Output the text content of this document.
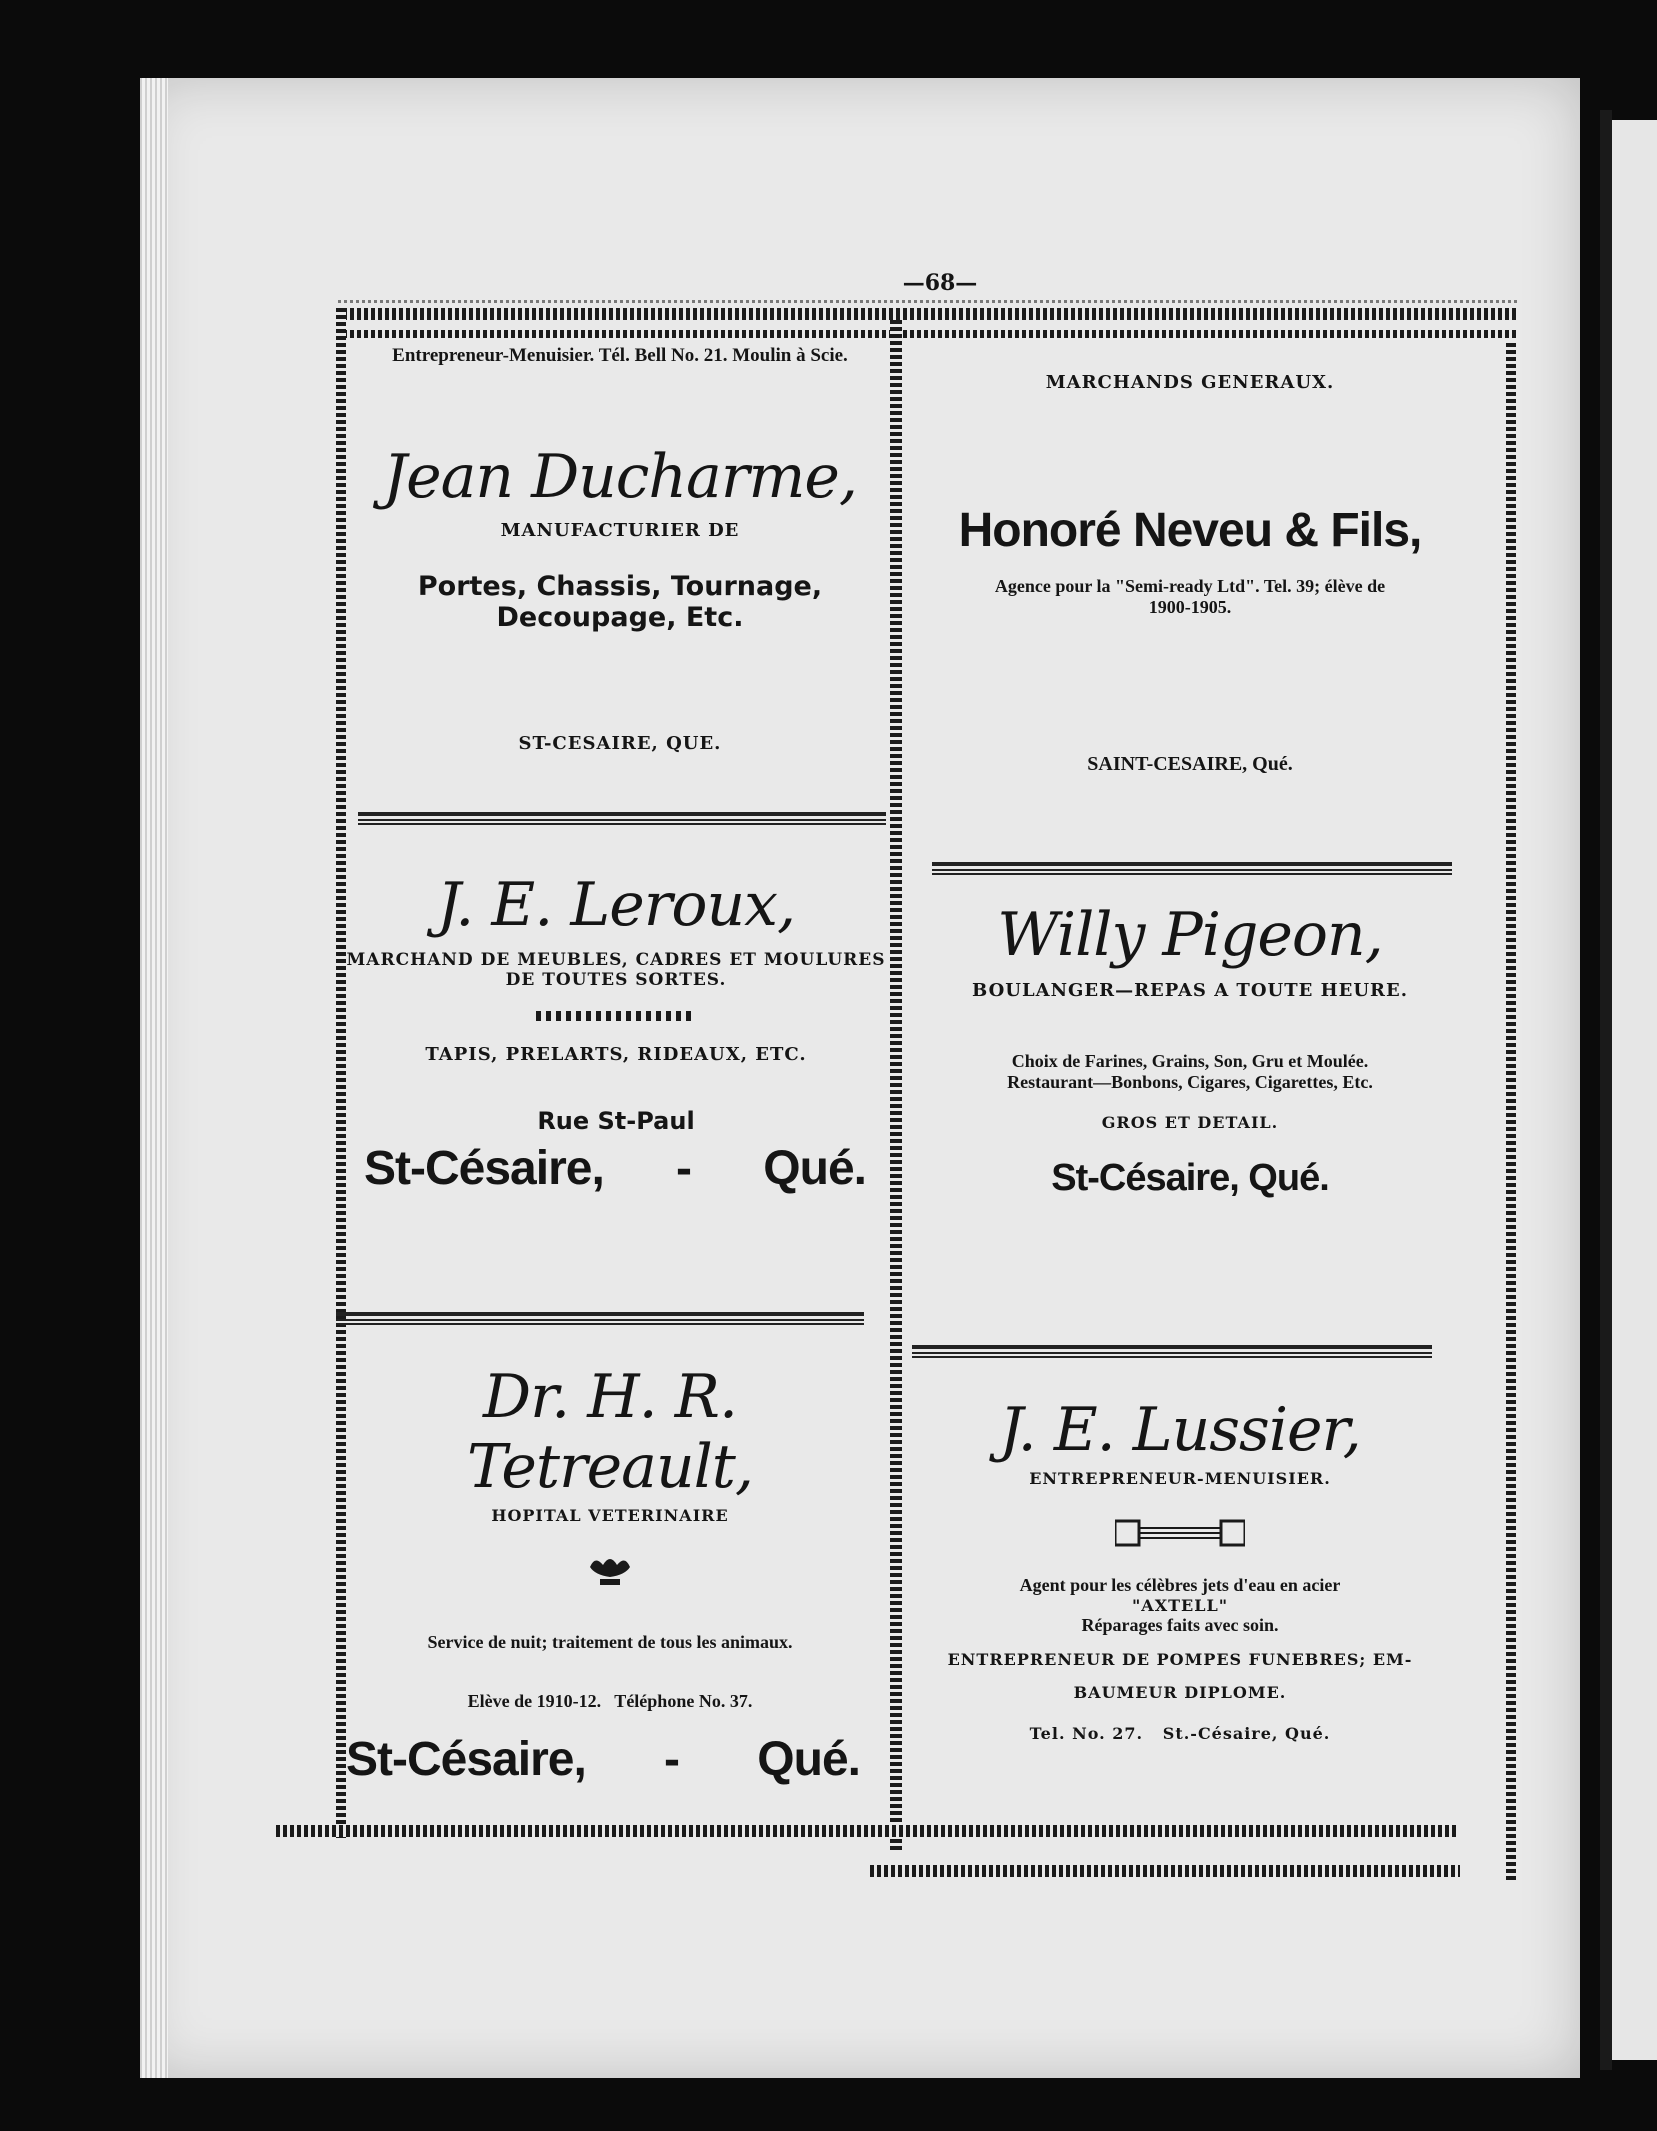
—68—
Entrepreneur-Menuisier. Tél. Bell No. 21. Moulin à Scie.
Jean Ducharme,
MANUFACTURIER DE
Portes, Chassis, Tournage,
Decoupage, Etc.
ST-CESAIRE, QUE.
MARCHANDS GENERAUX.
Honoré Neveu & Fils,
Agence pour la "Semi-ready Ltd". Tel. 39; élève de
1900-1905.
SAINT-CESAIRE, Qué.
J. E. Leroux,
MARCHAND DE MEUBLES, CADRES ET MOULURES
DE TOUTES SORTES.
TAPIS, PRELARTS, RIDEAUX, ETC.
Rue St-Paul
St-Césaire, - Qué.
Willy Pigeon,
BOULANGER—REPAS A TOUTE HEURE.
Choix de Farines, Grains, Son, Gru et Moulée.
Restaurant—Bonbons, Cigares, Cigarettes, Etc.
GROS ET DETAIL.
St-Césaire, Qué.
Dr. H. R. Tetreault,
HOPITAL VETERINAIRE
Service de nuit; traitement de tous les animaux.
Elève de 1910-12.   Téléphone No. 37.
St-Césaire, - Qué.
J. E. Lussier,
ENTREPRENEUR-MENUISIER.
Agent pour les célèbres jets d'eau en acier
"AXTELL"
Réparages faits avec soin.
ENTREPRENEUR DE POMPES FUNEBRES; EM-
BAUMEUR DIPLOME.
Tel. No. 27.   St.-Césaire, Qué.
